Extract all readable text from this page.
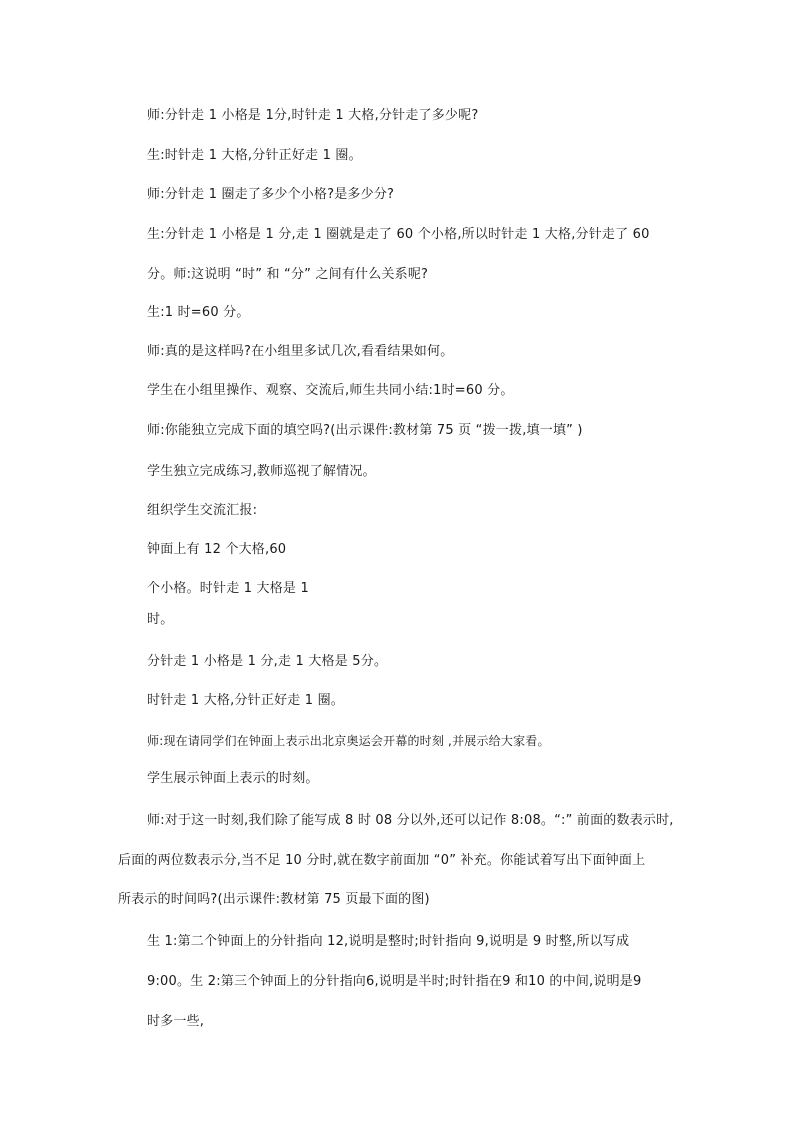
师:分针走 1 小格是 1分,时针走 1 大格,分针走了多少呢?
生:时针走 1 大格,分针正好走 1 圈。
师:分针走 1 圈走了多少个小格?是多少分?
生:分针走 1 小格是 1 分,走 1 圈就是走了 60 个小格,所以时针走 1 大格,分针走了 60
分。师:这说明 “时” 和 “分” 之间有什么关系呢?
生:1 时=60 分。
师:真的是这样吗?在小组里多试几次,看看结果如何。
学生在小组里操作、观察、交流后,师生共同小结:1时=60 分。
师:你能独立完成下面的填空吗?(出示课件:教材第 75 页 “拨一拨,填一填” )
学生独立完成练习,教师巡视了解情况。
组织学生交流汇报:
钟面上有 12 个大格,60
个小格。时针走 1 大格是 1
时。
分针走 1 小格是 1 分,走 1 大格是 5分。
时针走 1 大格,分针正好走 1 圈。
师:现在请同学们在钟面上表示出北京奥运会开幕的时刻 ,并展示给大家看。
学生展示钟面上表示的时刻。
师:对于这一时刻,我们除了能写成 8 时 08 分以外,还可以记作 8:08。“:” 前面的数表示时,
后面的两位数表示分,当不足 10 分时,就在数字前面加 “0” 补充。你能试着写出下面钟面上
所表示的时间吗?(出示课件:教材第 75 页最下面的图)
生 1:第二个钟面上的分针指向 12,说明是整时;时针指向 9,说明是 9 时整,所以写成
9:00。生 2:第三个钟面上的分针指向6,说明是半时;时针指在9 和10 的中间,说明是9
时多一些,
